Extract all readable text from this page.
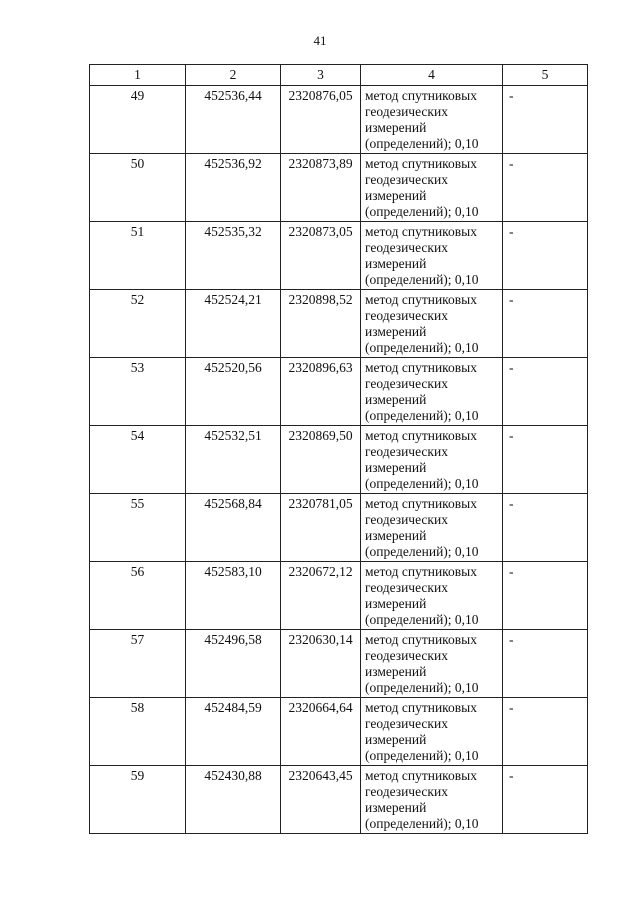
41
1	2	3	4	5
49	452536,44	2320876,05	метод спутниковых
геодезических
измерений
(определений); 0,10	-
50	452536,92	2320873,89	метод спутниковых
геодезических
измерений
(определений); 0,10	-
51	452535,32	2320873,05	метод спутниковых
геодезических
измерений
(определений); 0,10	-
52	452524,21	2320898,52	метод спутниковых
геодезических
измерений
(определений); 0,10	-
53	452520,56	2320896,63	метод спутниковых
геодезических
измерений
(определений); 0,10	-
54	452532,51	2320869,50	метод спутниковых
геодезических
измерений
(определений); 0,10	-
55	452568,84	2320781,05	метод спутниковых
геодезических
измерений
(определений); 0,10	-
56	452583,10	2320672,12	метод спутниковых
геодезических
измерений
(определений); 0,10	-
57	452496,58	2320630,14	метод спутниковых
геодезических
измерений
(определений); 0,10	-
58	452484,59	2320664,64	метод спутниковых
геодезических
измерений
(определений); 0,10	-
59	452430,88	2320643,45	метод спутниковых
геодезических
измерений
(определений); 0,10	-
